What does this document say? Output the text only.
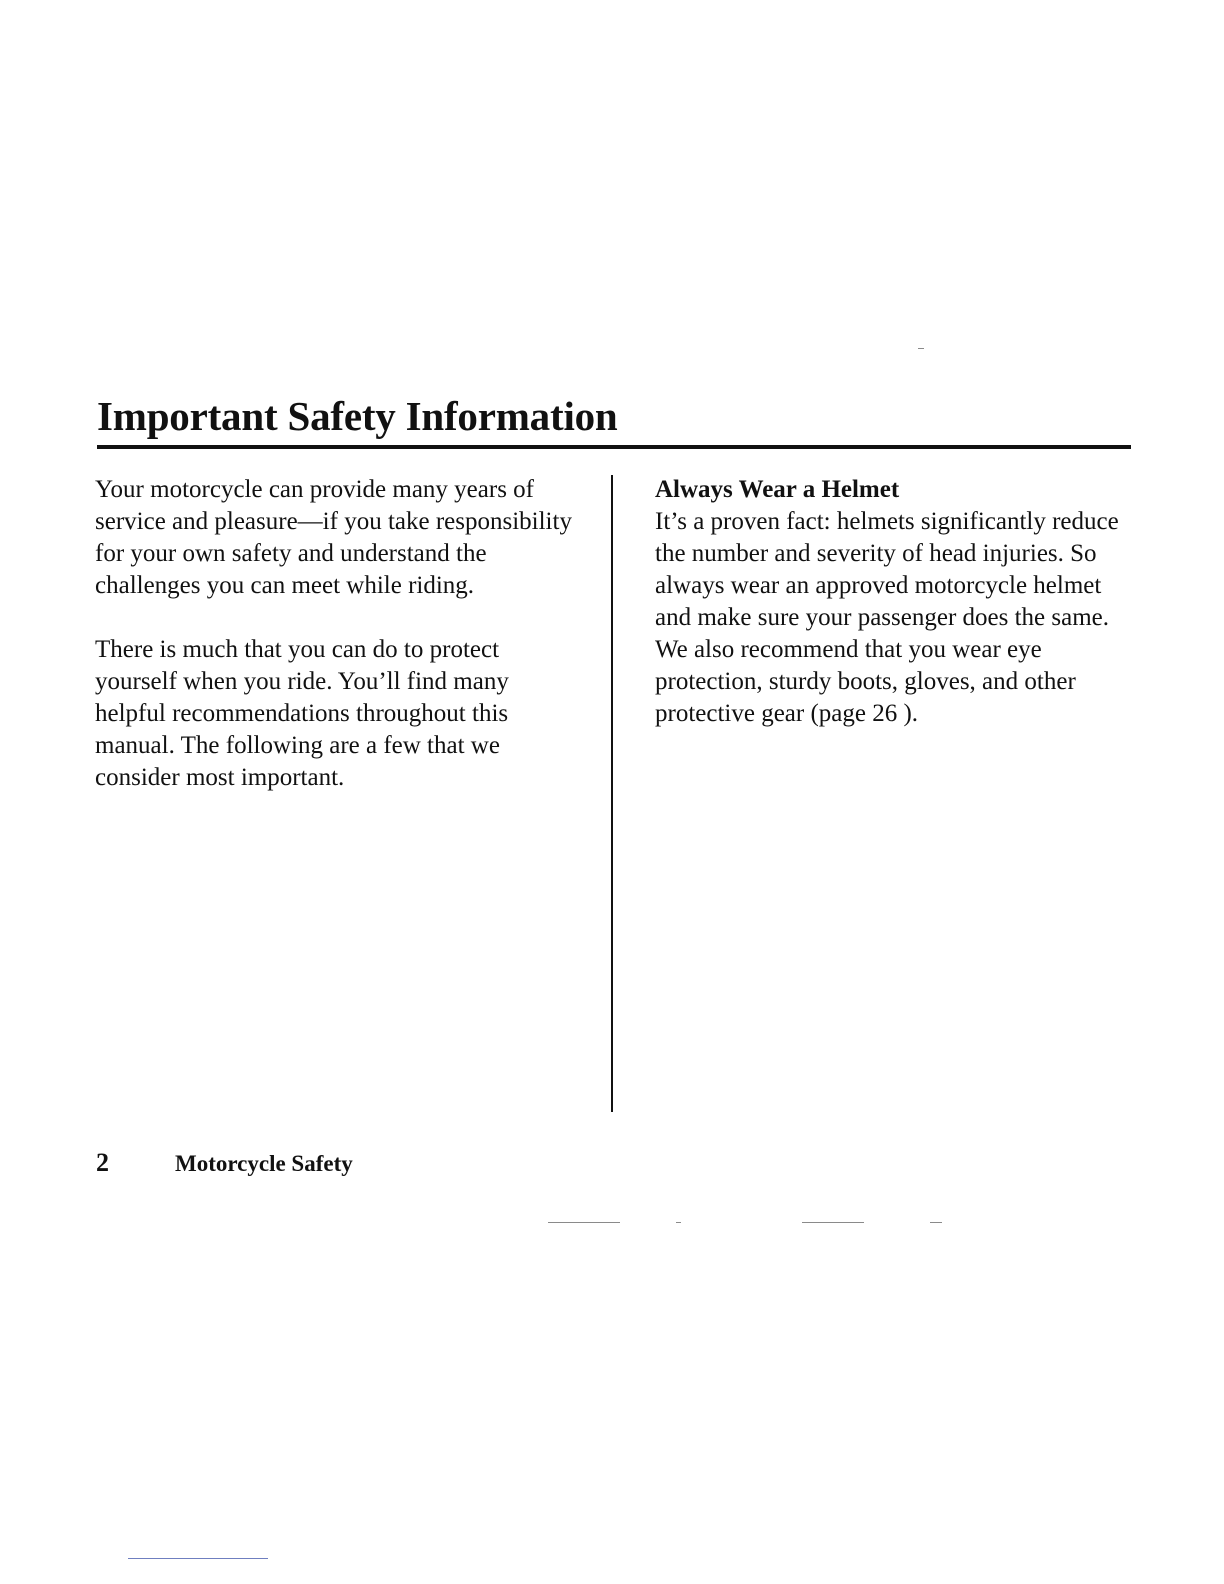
Important Safety Information

Your motorcycle can provide many years of service and pleasure—if you take responsibility for your own safety and understand the challenges you can meet while riding.

There is much that you can do to protect yourself when you ride. You’ll find many helpful recommendations throughout this manual. The following are a few that we consider most important.

Always Wear a Helmet

It’s a proven fact: helmets significantly reduce the number and severity of head injuries. So always wear an approved motorcycle helmet and make sure your passenger does the same. We also recommend that you wear eye protection, sturdy boots, gloves, and other protective gear (page 26 ).

2	Motorcycle Safety
